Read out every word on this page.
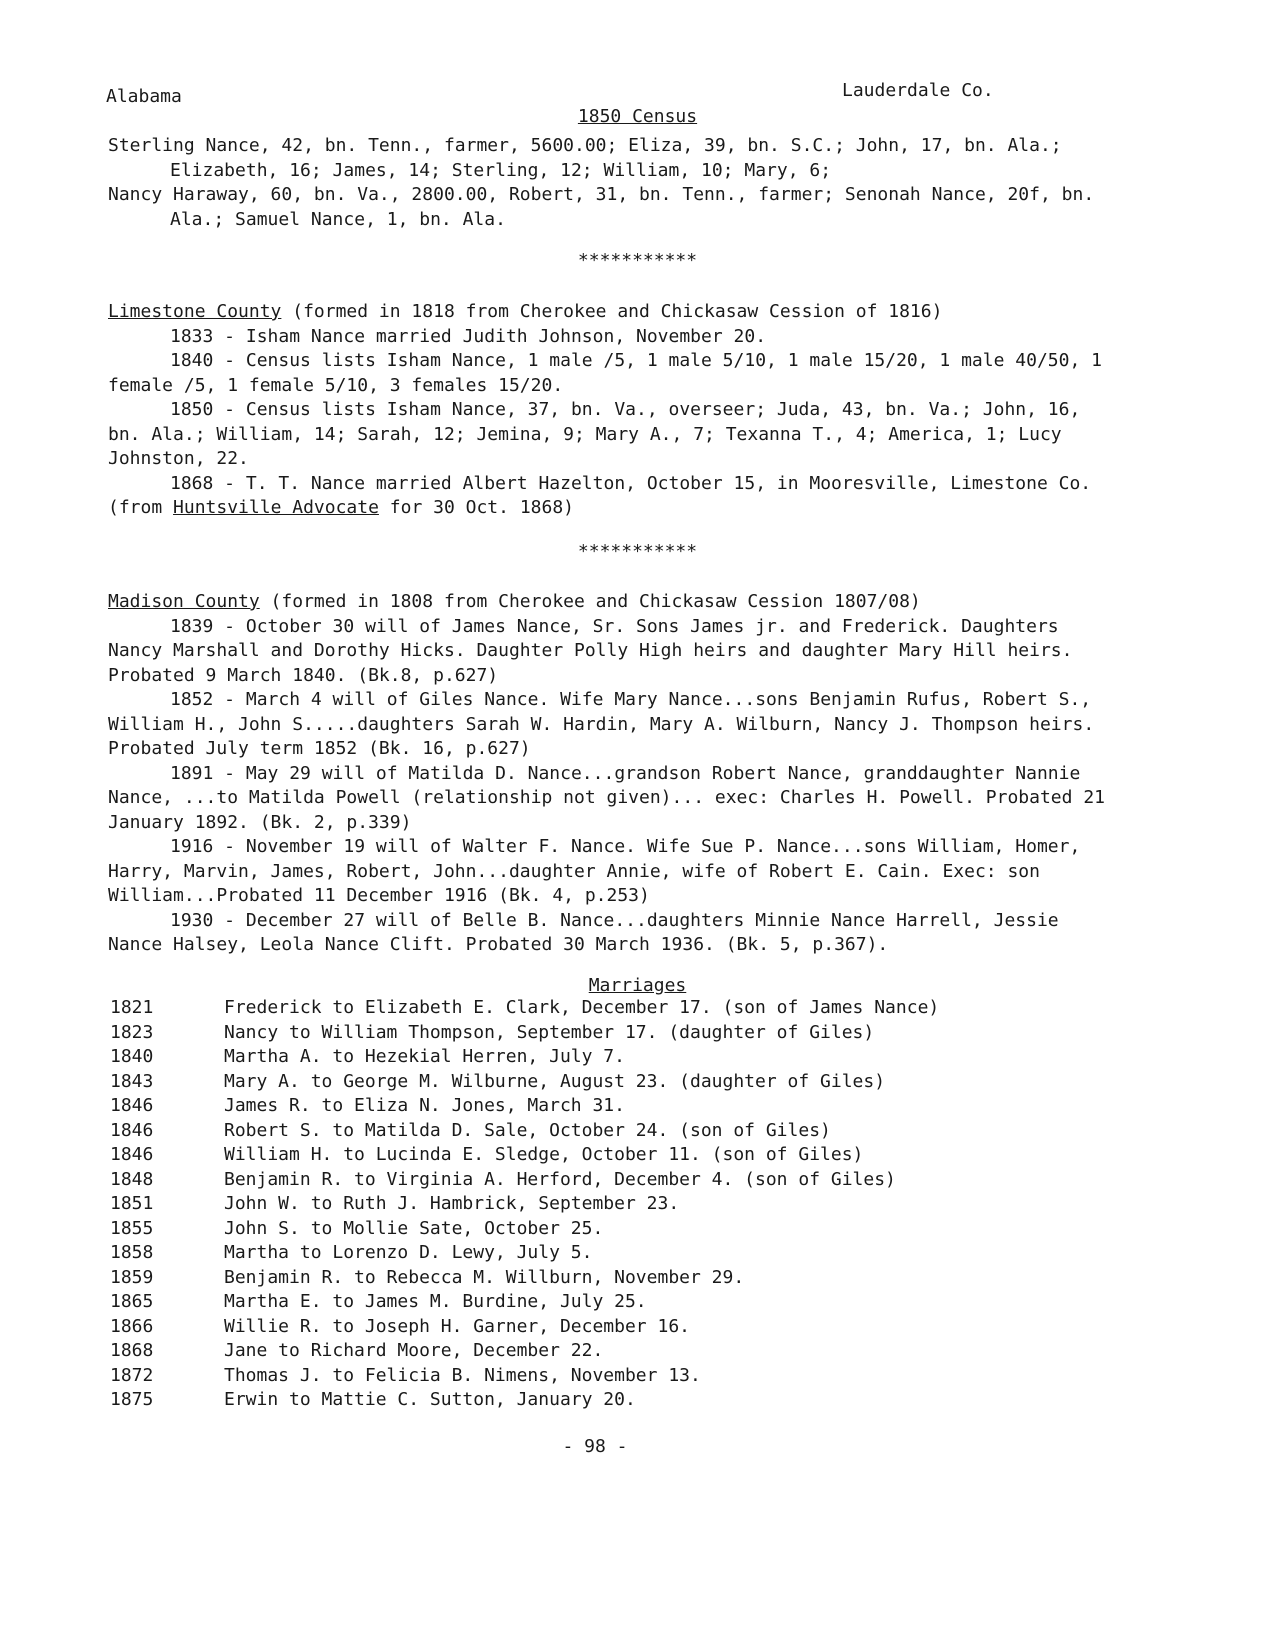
Alabama	Lauderdale Co.
1850 Census

Sterling Nance, 42, bn. Tenn., farmer, 5600.00; Eliza, 39, bn. S.C.; John, 17, bn. Ala.; Elizabeth, 16; James, 14; Sterling, 12; William, 10; Mary, 6;

Nancy Haraway, 60, bn. Va., 2800.00, Robert, 31, bn. Tenn., farmer; Senonah Nance, 20f, bn. Ala.; Samuel Nance, 1, bn. Ala.

***********

Limestone County (formed in 1818 from Cherokee and Chickasaw Cession of 1816)

1833 - Isham Nance married Judith Johnson, November 20.

1840 - Census lists Isham Nance, 1 male /5, 1 male 5/10, 1 male 15/20, 1 male 40/50, 1 female /5, 1 female 5/10, 3 females 15/20.

1850 - Census lists Isham Nance, 37, bn. Va., overseer; Juda, 43, bn. Va.; John, 16, bn. Ala.; William, 14; Sarah, 12; Jemina, 9; Mary A., 7; Texanna T., 4; America, 1; Lucy Johnston, 22.

1868 - T. T. Nance married Albert Hazelton, October 15, in Mooresville, Limestone Co. (from Huntsville Advocate for 30 Oct. 1868)

***********

Madison County (formed in 1808 from Cherokee and Chickasaw Cession 1807/08)

1839 - October 30 will of James Nance, Sr. Sons James jr. and Frederick. Daughters Nancy Marshall and Dorothy Hicks. Daughter Polly High heirs and daughter Mary Hill heirs. Probated 9 March 1840. (Bk.8, p.627)

1852 - March 4 will of Giles Nance. Wife Mary Nance...sons Benjamin Rufus, Robert S., William H., John S.....daughters Sarah W. Hardin, Mary A. Wilburn, Nancy J. Thompson heirs. Probated July term 1852 (Bk. 16, p.627)

1891 - May 29 will of Matilda D. Nance...grandson Robert Nance, granddaughter Nannie Nance, ...to Matilda Powell (relationship not given)... exec: Charles H. Powell. Probated 21 January 1892. (Bk. 2, p.339)

1916 - November 19 will of Walter F. Nance. Wife Sue P. Nance...sons William, Homer, Harry, Marvin, James, Robert, John...daughter Annie, wife of Robert E. Cain. Exec: son William...Probated 11 December 1916 (Bk. 4, p.253)

1930 - December 27 will of Belle B. Nance...daughters Minnie Nance Harrell, Jessie Nance Halsey, Leola Nance Clift. Probated 30 March 1936. (Bk. 5, p.367).

Marriages
1821	Frederick to Elizabeth E. Clark, December 17. (son of James Nance)
1823	Nancy to William Thompson, September 17. (daughter of Giles)
1840	Martha A. to Hezekial Herren, July 7.
1843	Mary A. to George M. Wilburne, August 23. (daughter of Giles)
1846	James R. to Eliza N. Jones, March 31.
1846	Robert S. to Matilda D. Sale, October 24. (son of Giles)
1846	William H. to Lucinda E. Sledge, October 11. (son of Giles)
1848	Benjamin R. to Virginia A. Herford, December 4. (son of Giles)
1851	John W. to Ruth J. Hambrick, September 23.
1855	John S. to Mollie Sate, October 25.
1858	Martha to Lorenzo D. Lewy, July 5.
1859	Benjamin R. to Rebecca M. Willburn, November 29.
1865	Martha E. to James M. Burdine, July 25.
1866	Willie R. to Joseph H. Garner, December 16.
1868	Jane to Richard Moore, December 22.
1872	Thomas J. to Felicia B. Nimens, November 13.
1875	Erwin to Mattie C. Sutton, January 20.
- 98 -
